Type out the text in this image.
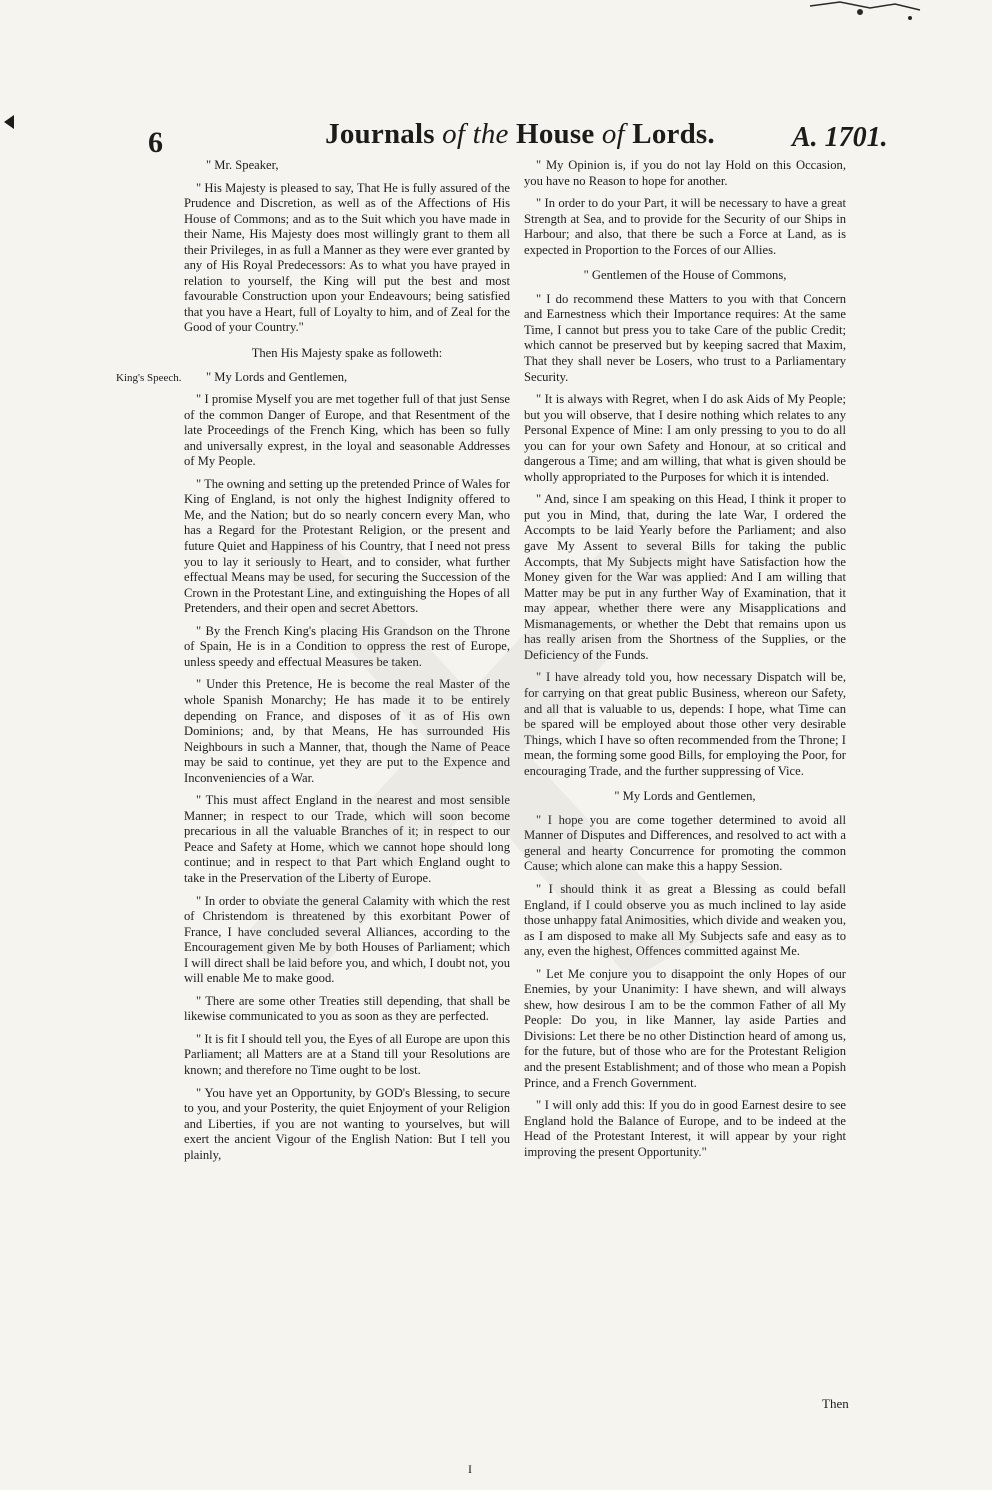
6	Journals of the House of Lords.	A. 1701.
King's Speech.

" Mr. Speaker,

" His Majesty is pleased to say, That He is fully assured of the Prudence and Discretion, as well as of the Affections of His House of Commons; and as to the Suit which you have made in their Name, His Majesty does most willingly grant to them all their Privileges, in as full a Manner as they were ever granted by any of His Royal Predecessors: As to what you have prayed in relation to yourself, the King will put the best and most favourable Construction upon your Endeavours; being satisfied that you have a Heart, full of Loyalty to him, and of Zeal for the Good of your Country."

Then His Majesty spake as followeth:

" My Lords and Gentlemen,

" I promise Myself you are met together full of that just Sense of the common Danger of Europe, and that Resentment of the late Proceedings of the French King, which has been so fully and universally exprest, in the loyal and seasonable Addresses of My People.

" The owning and setting up the pretended Prince of Wales for King of England, is not only the highest Indignity offered to Me, and the Nation; but do so nearly concern every Man, who has a Regard for the Protestant Religion, or the present and future Quiet and Happiness of his Country, that I need not press you to lay it seriously to Heart, and to consider, what further effectual Means may be used, for securing the Succession of the Crown in the Protestant Line, and extinguishing the Hopes of all Pretenders, and their open and secret Abettors.

" By the French King's placing His Grandson on the Throne of Spain, He is in a Condition to oppress the rest of Europe, unless speedy and effectual Measures be taken.

" Under this Pretence, He is become the real Master of the whole Spanish Monarchy; He has made it to be entirely depending on France, and disposes of it as of His own Dominions; and, by that Means, He has surrounded His Neighbours in such a Manner, that, though the Name of Peace may be said to continue, yet they are put to the Expence and Inconveniencies of a War.

" This must affect England in the nearest and most sensible Manner; in respect to our Trade, which will soon become precarious in all the valuable Branches of it; in respect to our Peace and Safety at Home, which we cannot hope should long continue; and in respect to that Part which England ought to take in the Preservation of the Liberty of Europe.

" In order to obviate the general Calamity with which the rest of Christendom is threatened by this exorbitant Power of France, I have concluded several Alliances, according to the Encouragement given Me by both Houses of Parliament; which I will direct shall be laid before you, and which, I doubt not, you will enable Me to make good.

" There are some other Treaties still depending, that shall be likewise communicated to you as soon as they are perfected.

" It is fit I should tell you, the Eyes of all Europe are upon this Parliament; all Matters are at a Stand till your Resolutions are known; and therefore no Time ought to be lost.

" You have yet an Opportunity, by GOD's Blessing, to secure to you, and your Posterity, the quiet Enjoyment of your Religion and Liberties, if you are not wanting to yourselves, but will exert the ancient Vigour of the English Nation: But I tell you plainly,

" My Opinion is, if you do not lay Hold on this Occasion, you have no Reason to hope for another.

" In order to do your Part, it will be necessary to have a great Strength at Sea, and to provide for the Security of our Ships in Harbour; and also, that there be such a Force at Land, as is expected in Proportion to the Forces of our Allies.

" Gentlemen of the House of Commons,

" I do recommend these Matters to you with that Concern and Earnestness which their Importance requires: At the same Time, I cannot but press you to take Care of the public Credit; which cannot be preserved but by keeping sacred that Maxim, That they shall never be Losers, who trust to a Parliamentary Security.

" It is always with Regret, when I do ask Aids of My People; but you will observe, that I desire nothing which relates to any Personal Expence of Mine: I am only pressing to you to do all you can for your own Safety and Honour, at so critical and dangerous a Time; and am willing, that what is given should be wholly appropriated to the Purposes for which it is intended.

" And, since I am speaking on this Head, I think it proper to put you in Mind, that, during the late War, I ordered the Accompts to be laid Yearly before the Parliament; and also gave My Assent to several Bills for taking the public Accompts, that My Subjects might have Satisfaction how the Money given for the War was applied: And I am willing that Matter may be put in any further Way of Examination, that it may appear, whether there were any Misapplications and Mismanagements, or whether the Debt that remains upon us has really arisen from the Shortness of the Supplies, or the Deficiency of the Funds.

" I have already told you, how necessary Dispatch will be, for carrying on that great public Business, whereon our Safety, and all that is valuable to us, depends: I hope, what Time can be spared will be employed about those other very desirable Things, which I have so often recommended from the Throne; I mean, the forming some good Bills, for employing the Poor, for encouraging Trade, and the further suppressing of Vice.

" My Lords and Gentlemen,

" I hope you are come together determined to avoid all Manner of Disputes and Differences, and resolved to act with a general and hearty Concurrence for promoting the common Cause; which alone can make this a happy Session.

" I should think it as great a Blessing as could befall England, if I could observe you as much inclined to lay aside those unhappy fatal Animosities, which divide and weaken you, as I am disposed to make all My Subjects safe and easy as to any, even the highest, Offences committed against Me.

" Let Me conjure you to disappoint the only Hopes of our Enemies, by your Unanimity: I have shewn, and will always shew, how desirous I am to be the common Father of all My People: Do you, in like Manner, lay aside Parties and Divisions: Let there be no other Distinction heard of among us, for the future, but of those who are for the Protestant Religion and the present Establishment; and of those who mean a Popish Prince, and a French Government.

" I will only add this: If you do in good Earnest desire to see England hold the Balance of Europe, and to be indeed at the Head of the Protestant Interest, it will appear by your right improving the present Opportunity."

Then
I
